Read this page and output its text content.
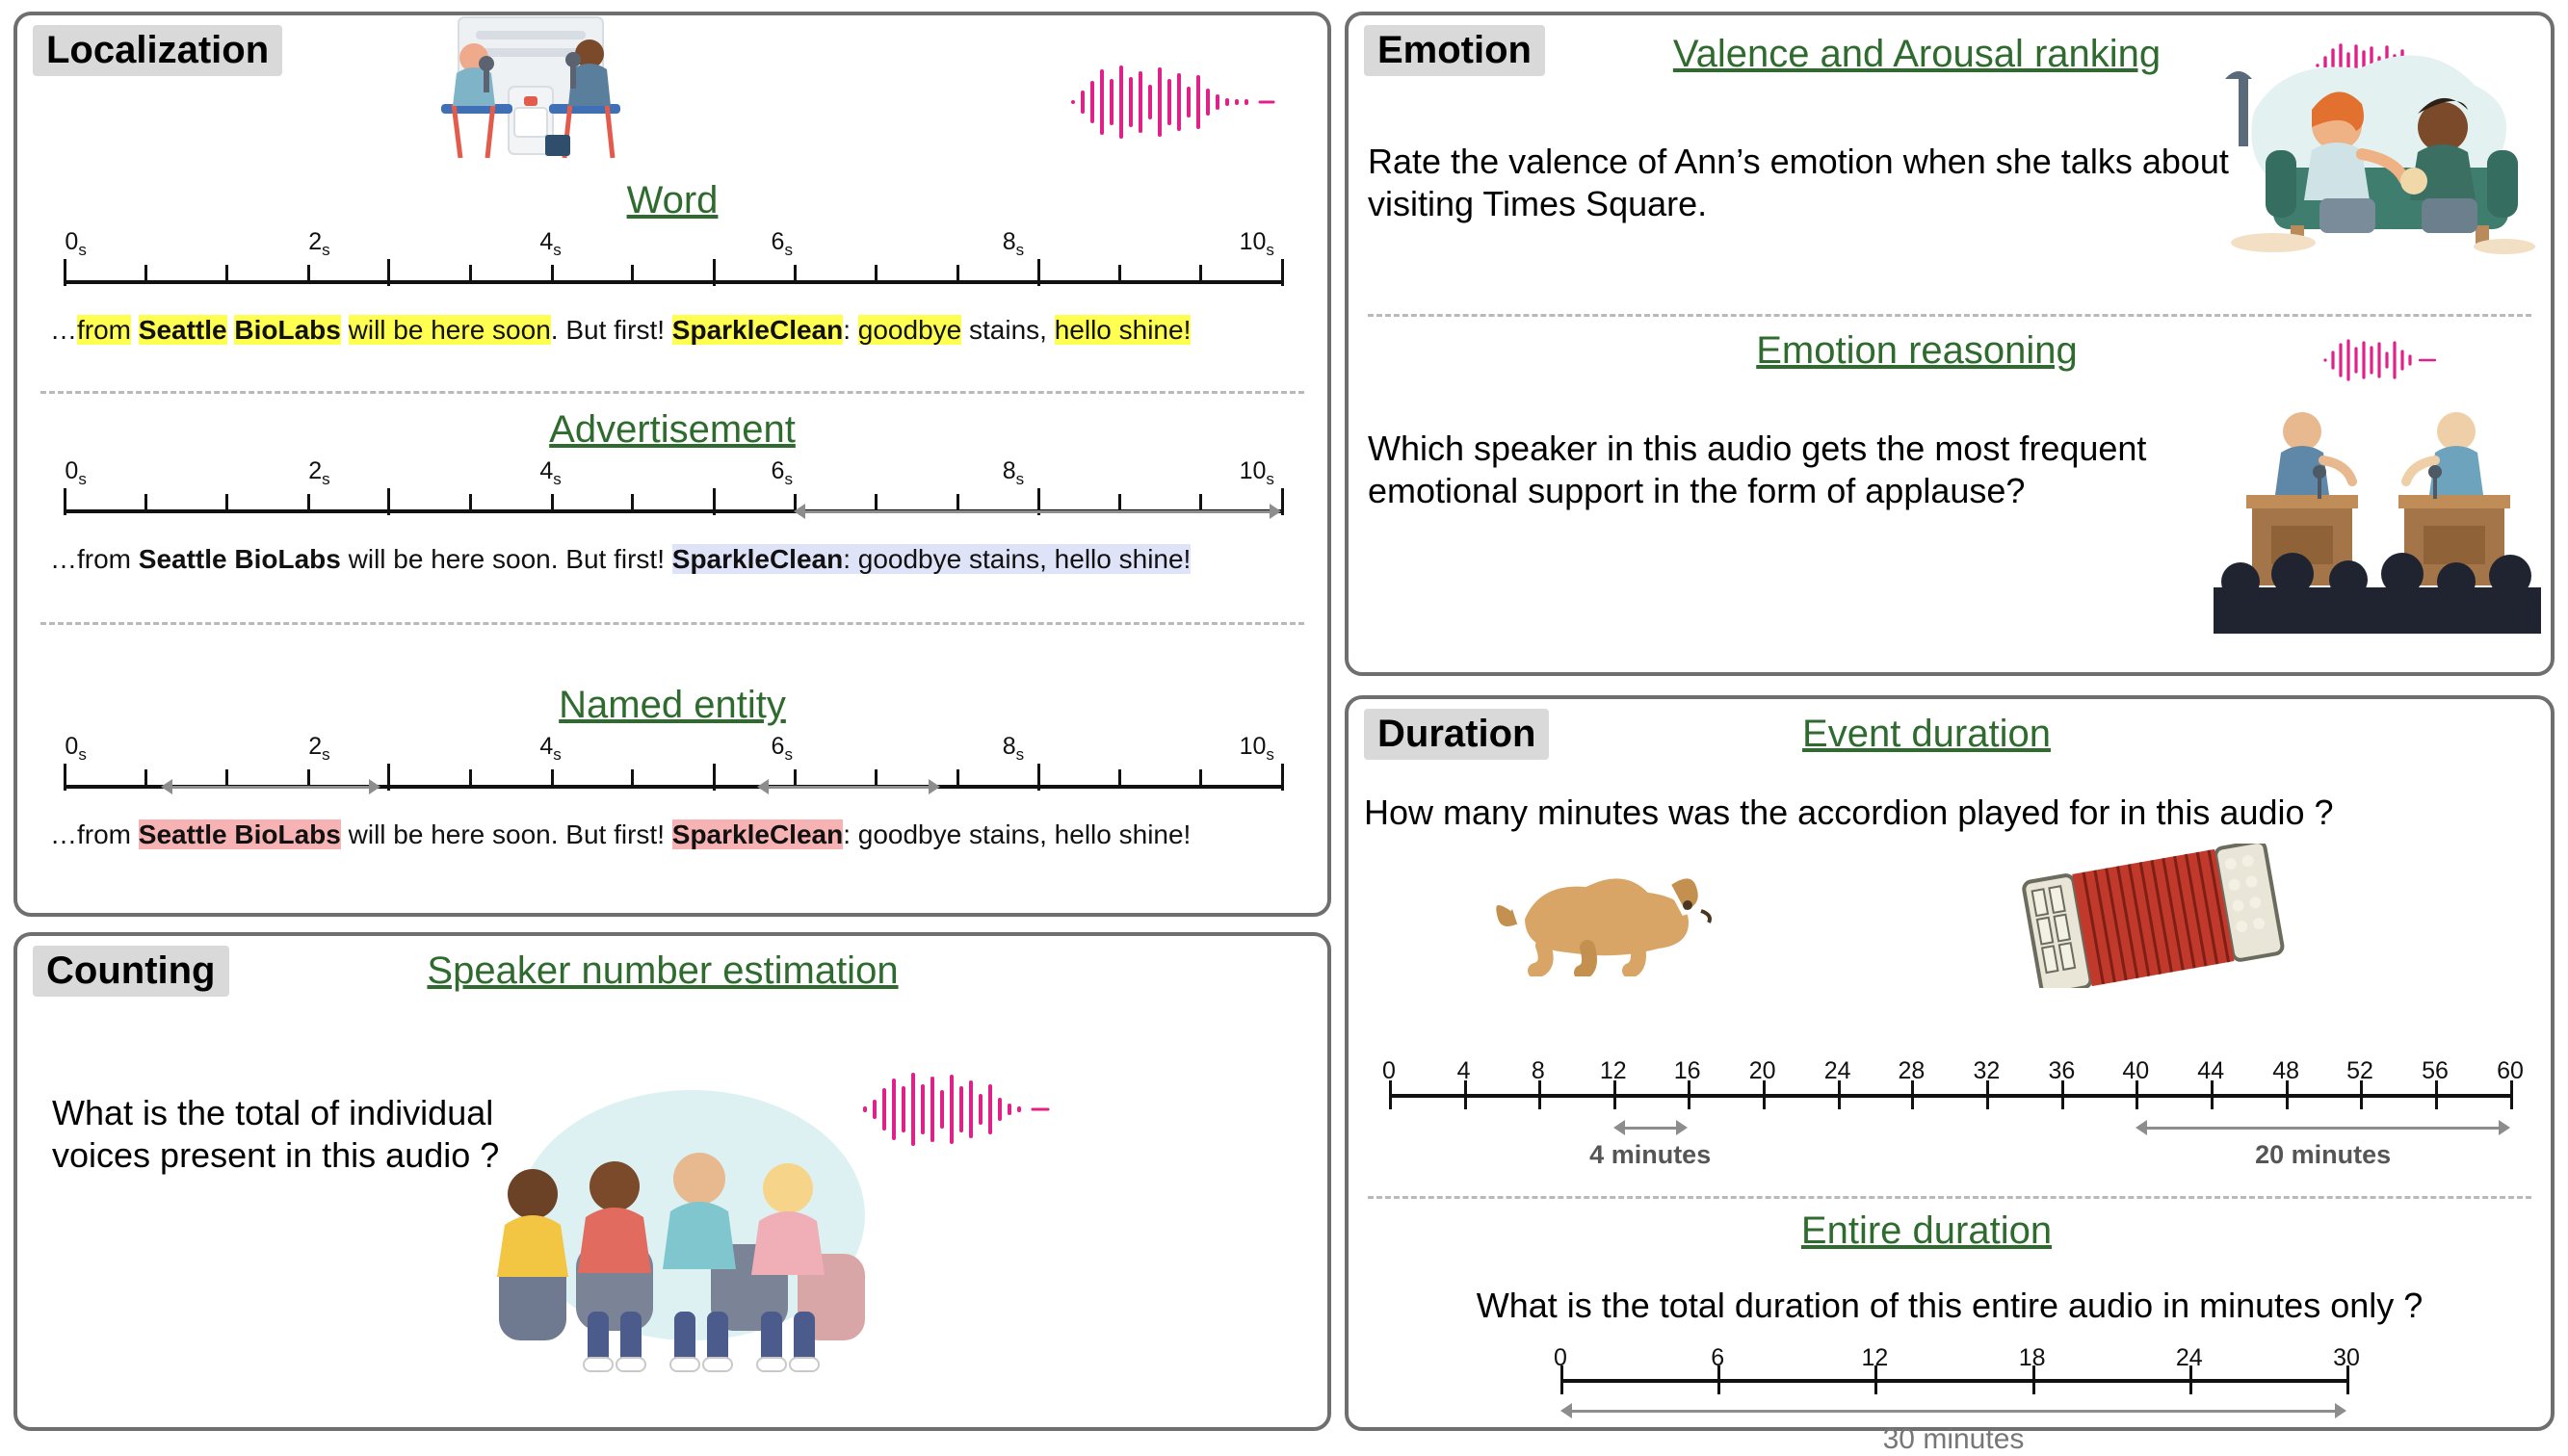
Localization
Word
$0_s$	$2_s$	$4_s$	$6_s$	$8_s$	$10_s$
…from Seattle BioLabs will be here soon. But first! SparkleClean: goodbye stains, hello shine!
Advertisement
$0_s$	$2_s$	$4_s$	$6_s$	$8_s$	$10_s$
…from Seattle BioLabs will be here soon. But first! SparkleClean: goodbye stains, hello shine!
Named entity
$0_s$	$2_s$	$4_s$	$6_s$	$8_s$	$10_s$
…from Seattle BioLabs will be here soon. But first! SparkleClean: goodbye stains, hello shine!
Counting	Speaker number estimation
What is the total of individual voices present in this audio ?
Emotion	Valence and Arousal ranking
Rate the valence of Ann’s emotion when she talks about visiting Times Square.
Emotion reasoning
Which speaker in this audio gets the most frequent emotional support in the form of applause?
Duration	Event duration
How many minutes was the accordion played for in this audio ?
0	4	8 12 16 20 24 28 32 36 40 44 48 52 56 60
4 minutes	20 minutes
Entire duration
What is the total duration of this entire audio in minutes only ?
0	6	12	18	24	30
30 minutes
